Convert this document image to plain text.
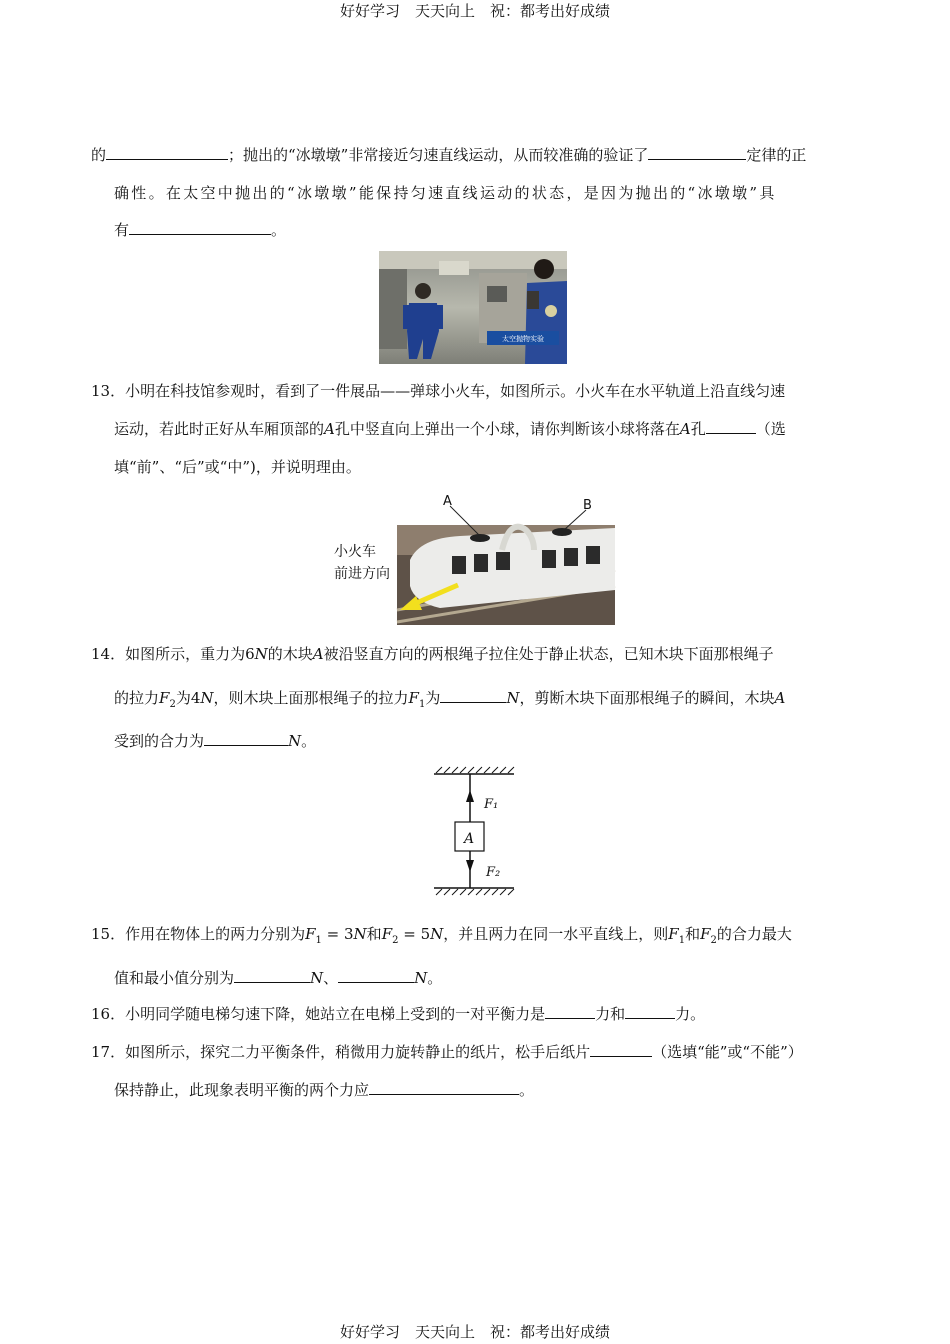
好好学习　天天向上　祝：都考出好成绩
的	；抛出的“冰墩墩”非常接近匀速直线运动，从而较准确的验证了	定律的正
确性。在太空中抛出的“冰墩墩”能保持匀速直线运动的状态，是因为抛出的“冰墩墩”具
有	。
太空抛物实验
13．小明在科技馆参观时，看到了一件展品——弹球小火车，如图所示。小火车在水平轨道上沿直线匀速
运动，若此时正好从车厢顶部的A孔中竖直向上弹出一个小球，请你判断该小球将落在A孔	（选
填“前”、“后”或“中”)，并说明理由。
A	B
小火车
前进方向
14．如图所示，重力为6N的木块A被沿竖直方向的两根绳子拉住处于静止状态，已知木块下面那根绳子
的拉力$F_2$为4N，则木块上面那根绳子的拉力$F_1$为	N，剪断木块下面那根绳子的瞬间，木块A
受到的合力为	N。
F₁
A
F₂
15．作用在物体上的两力分别为$F_1 = 3N$和$F_2 = 5N$，并且两力在同一水平直线上，则$F_1$和$F_2$的合力最大
值和最小值分别为	N、	N。
16．小明同学随电梯匀速下降，她站立在电梯上受到的一对平衡力是	力和	力。
17．如图所示，探究二力平衡条件，稍微用力旋转静止的纸片，松手后纸片	（选填“能”或“不能”）
保持静止，此现象表明平衡的两个力应	。
好好学习　天天向上　祝：都考出好成绩
